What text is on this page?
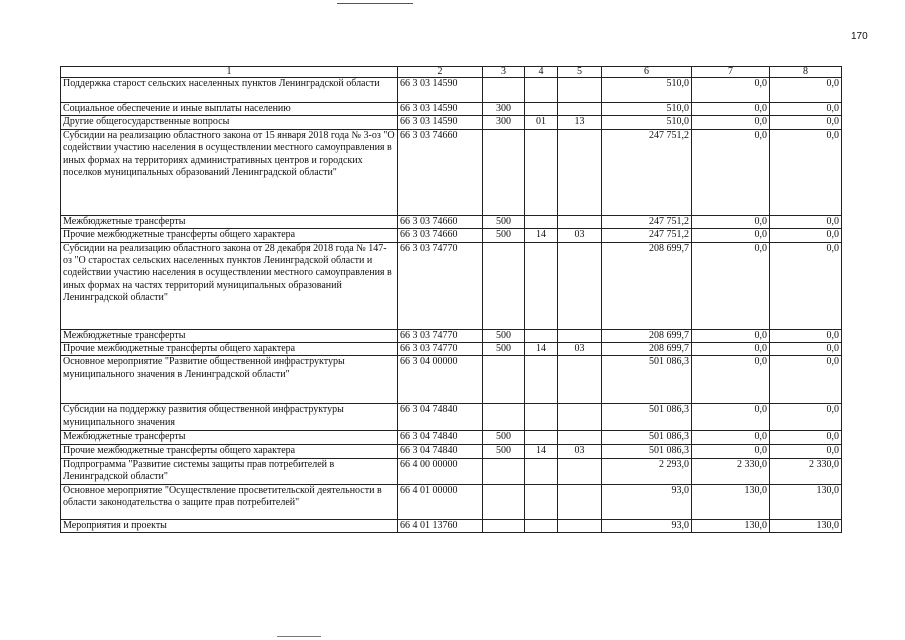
170
1	2	3	4	5	6	7	8
Поддержка старост сельских населенных пунктов Ленинградской области	66 3 03 14590				510,0	0,0	0,0
Социальное обеспечение и иные выплаты населению	66 3 03 14590	300			510,0	0,0	0,0
Другие общегосударственные вопросы	66 3 03 14590	300	01	13	510,0	0,0	0,0
Субсидии на реализацию областного закона от 15 января 2018 года № 3-оз "О содействии участию населения в осуществлении местного самоуправления в иных формах на территориях административных центров и городских поселков муниципальных образований Ленинградской области"	66 3 03 74660				247 751,2	0,0	0,0
Межбюджетные трансферты	66 3 03 74660	500			247 751,2	0,0	0,0
Прочие межбюджетные трансферты общего характера	66 3 03 74660	500	14	03	247 751,2	0,0	0,0
Субсидии на реализацию областного закона от 28 декабря 2018 года № 147-оз "О старостах сельских населенных пунктов Ленинградской области и содействии участию населения в осуществлении местного самоуправления в иных формах на частях территорий муниципальных образований Ленинградской области"	66 3 03 74770				208 699,7	0,0	0,0
Межбюджетные трансферты	66 3 03 74770	500			208 699,7	0,0	0,0
Прочие межбюджетные трансферты общего характера	66 3 03 74770	500	14	03	208 699,7	0,0	0,0
Основное мероприятие "Развитие общественной инфраструктуры муниципального значения в Ленинградской области"	66 3 04 00000				501 086,3	0,0	0,0
Субсидии на поддержку развития общественной инфраструктуры муниципального значения	66 3 04 74840				501 086,3	0,0	0,0
Межбюджетные трансферты	66 3 04 74840	500			501 086,3	0,0	0,0
Прочие межбюджетные трансферты общего характера	66 3 04 74840	500	14	03	501 086,3	0,0	0,0
Подпрограмма "Развитие системы защиты прав потребителей в Ленинградской области"	66 4 00 00000				2 293,0	2 330,0	2 330,0
Основное мероприятие "Осуществление просветительской деятельности в области законодательства о защите прав потребителей"	66 4 01 00000				93,0	130,0	130,0
Мероприятия и проекты	66 4 01 13760				93,0	130,0	130,0
